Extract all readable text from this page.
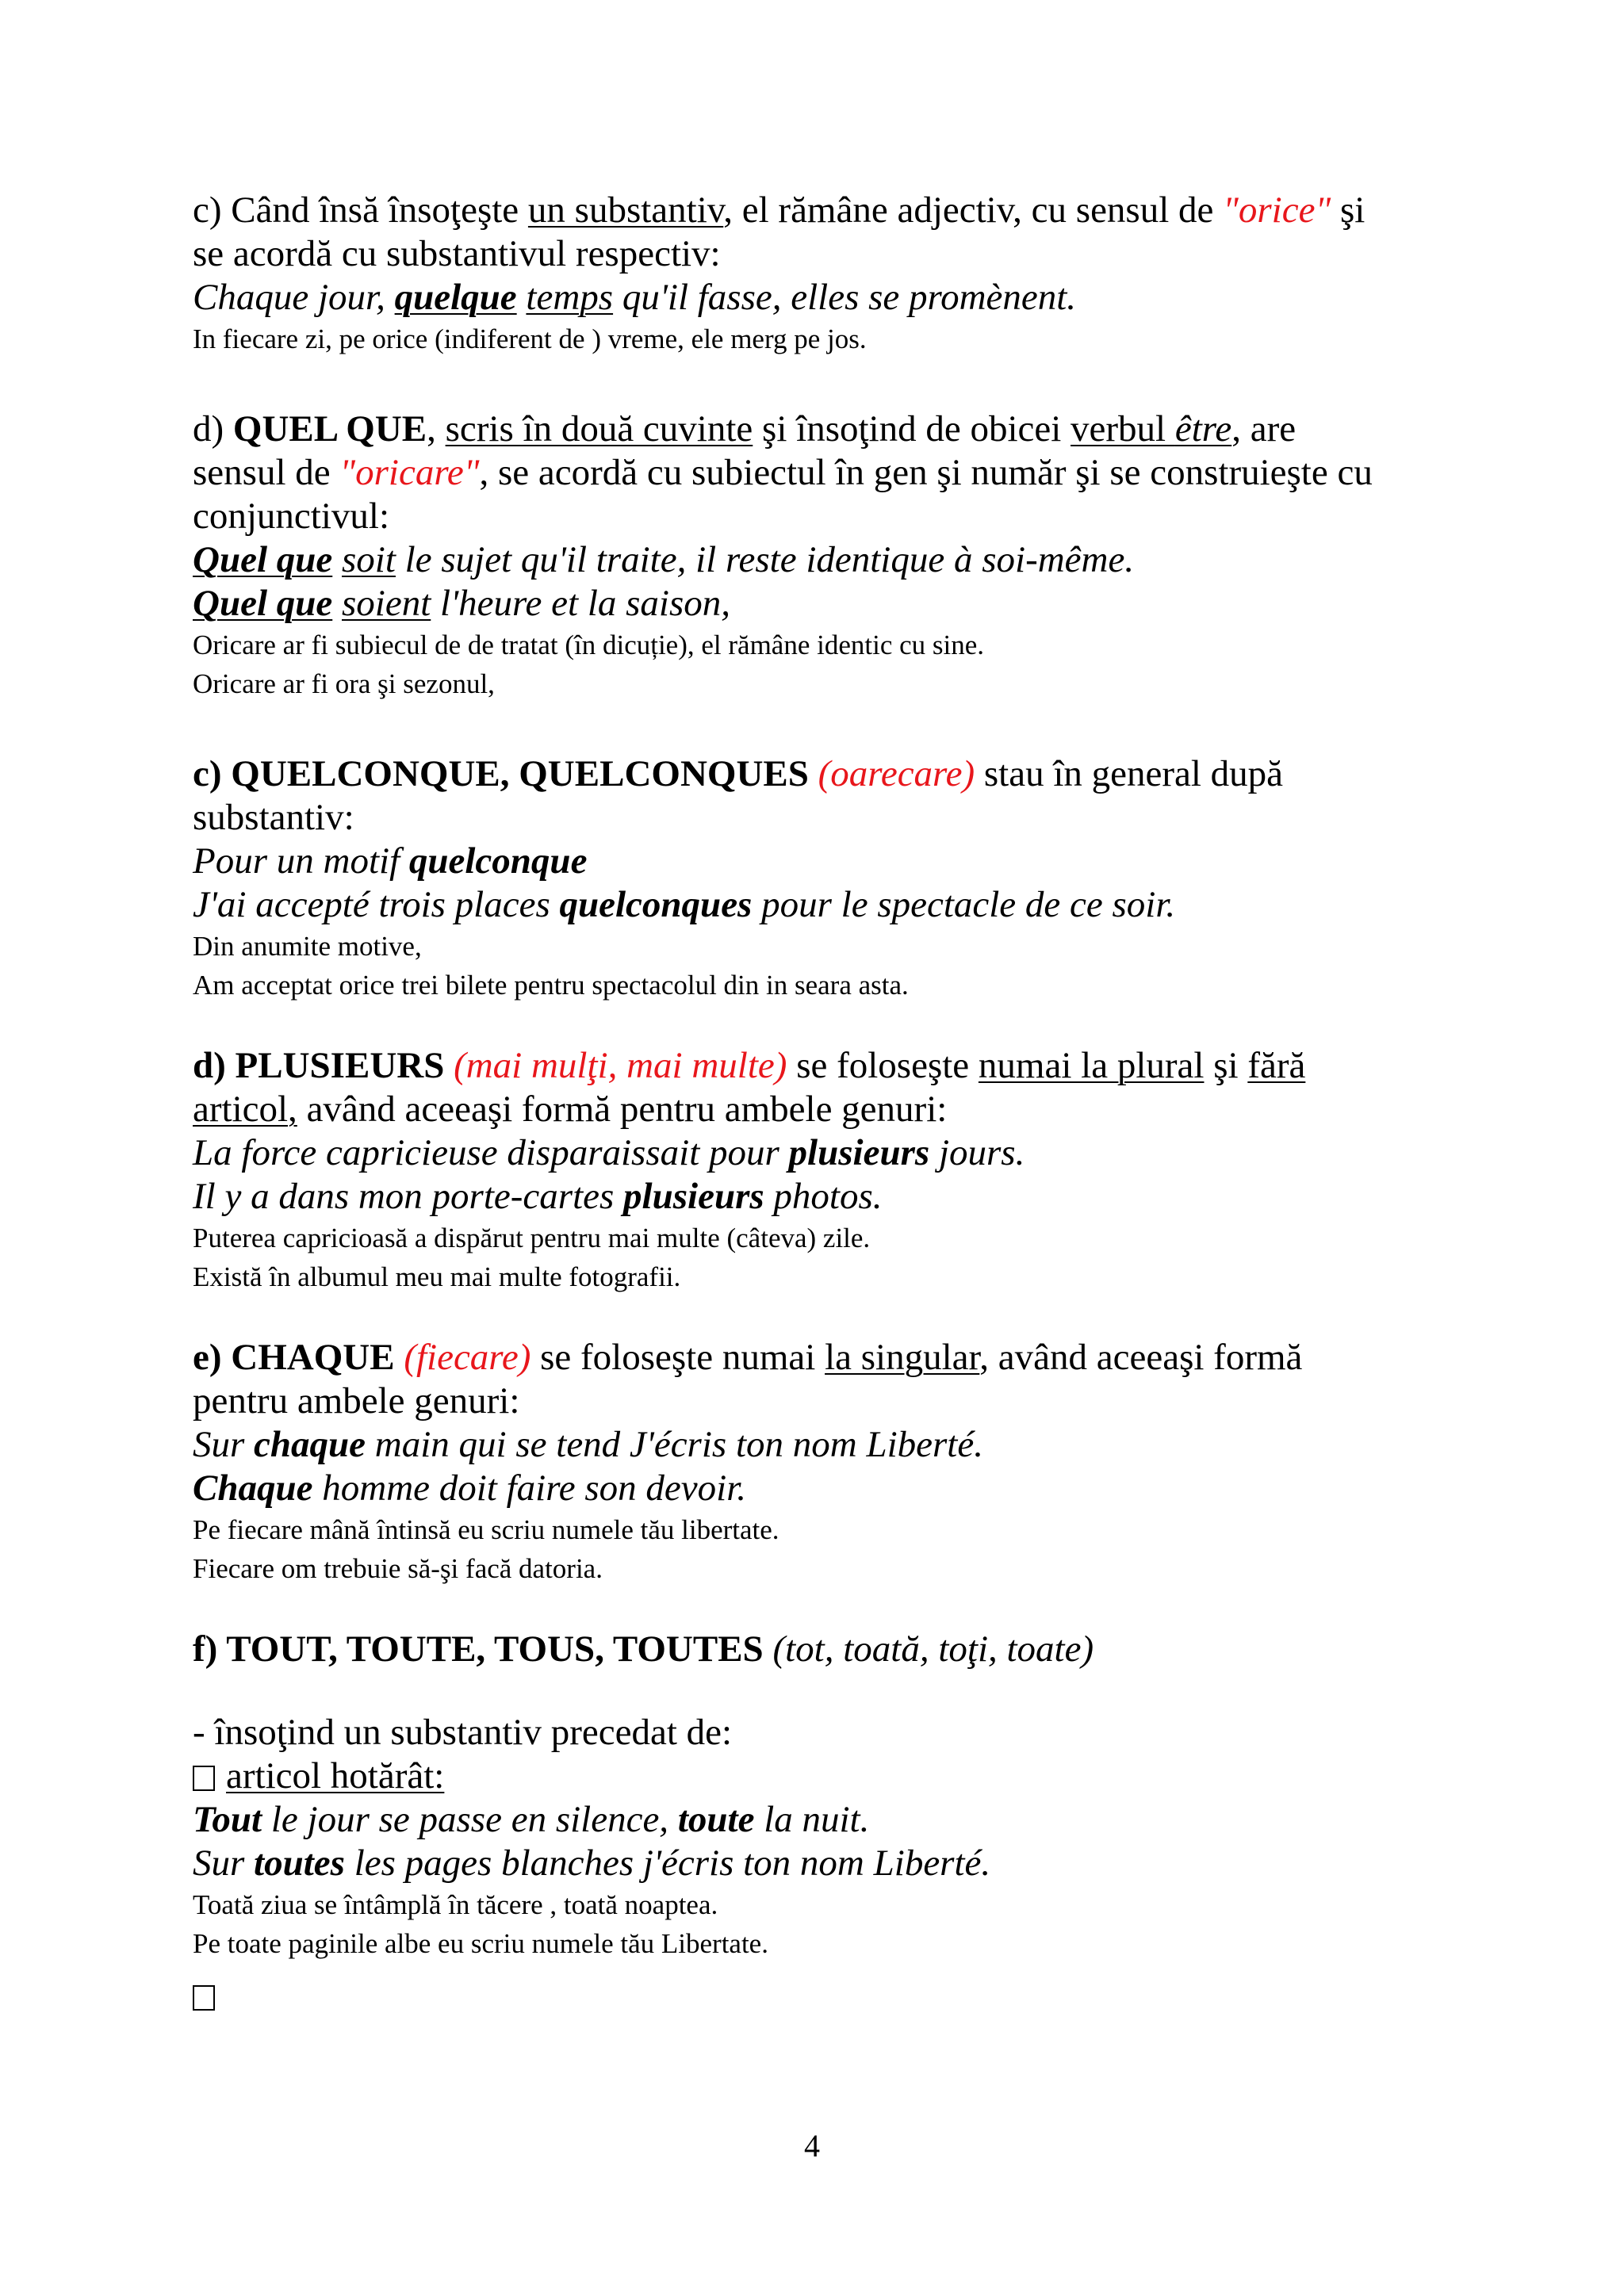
c) Când însă însoţeşte un substantiv, el rămâne adjectiv, cu sensul de "orice" şi

se acordă cu substantivul respectiv:

Chaque jour, quelque temps qu'il fasse, elles se promènent.

In fiecare zi, pe orice (indiferent de ) vreme, ele merg pe jos.

d) QUEL QUE, scris în două cuvinte şi însoţind de obicei verbul être, are

sensul de "oricare", se acordă cu subiectul în gen şi număr şi se construieşte cu

conjunctivul:

Quel que soit le sujet qu'il traite, il reste identique à soi-même.

Quel que soient l'heure et la saison,

Oricare ar fi subiecul de de tratat (în dicuție), el rămâne identic cu sine.

Oricare ar fi ora şi sezonul,

c) QUELCONQUE, QUELCONQUES (oarecare) stau în general după

substantiv:

Pour un motif quelconque

J'ai accepté trois places quelconques pour le spectacle de ce soir.

Din anumite motive,

Am acceptat orice trei bilete pentru spectacolul din in seara asta.

d) PLUSIEURS (mai mulţi, mai multe) se foloseşte numai la plural şi fără

articol, având aceeaşi formă pentru ambele genuri:

La force capricieuse disparaissait pour plusieurs jours.

Il y a dans mon porte-cartes plusieurs photos.

Puterea capricioasă a dispărut pentru mai multe (câteva) zile.

Există în albumul meu mai multe fotografii.

e) CHAQUE (fiecare) se foloseşte numai la singular, având aceeaşi formă

pentru ambele genuri:

Sur chaque main qui se tend J'écris ton nom Liberté.

Chaque homme doit faire son devoir.

Pe fiecare mână întinsă eu scriu numele tău libertate.

Fiecare om trebuie să-şi facă datoria.

f) TOUT, TOUTE, TOUS, TOUTES (tot, toată, toţi, toate)

- însoţind un substantiv precedat de:

articol hotărât:

Tout le jour se passe en silence, toute la nuit.

Sur toutes les pages blanches j'écris ton nom Liberté.

Toată ziua se întâmplă în tăcere , toată noaptea.

Pe toate paginile albe eu scriu numele tău Libertate.

4
